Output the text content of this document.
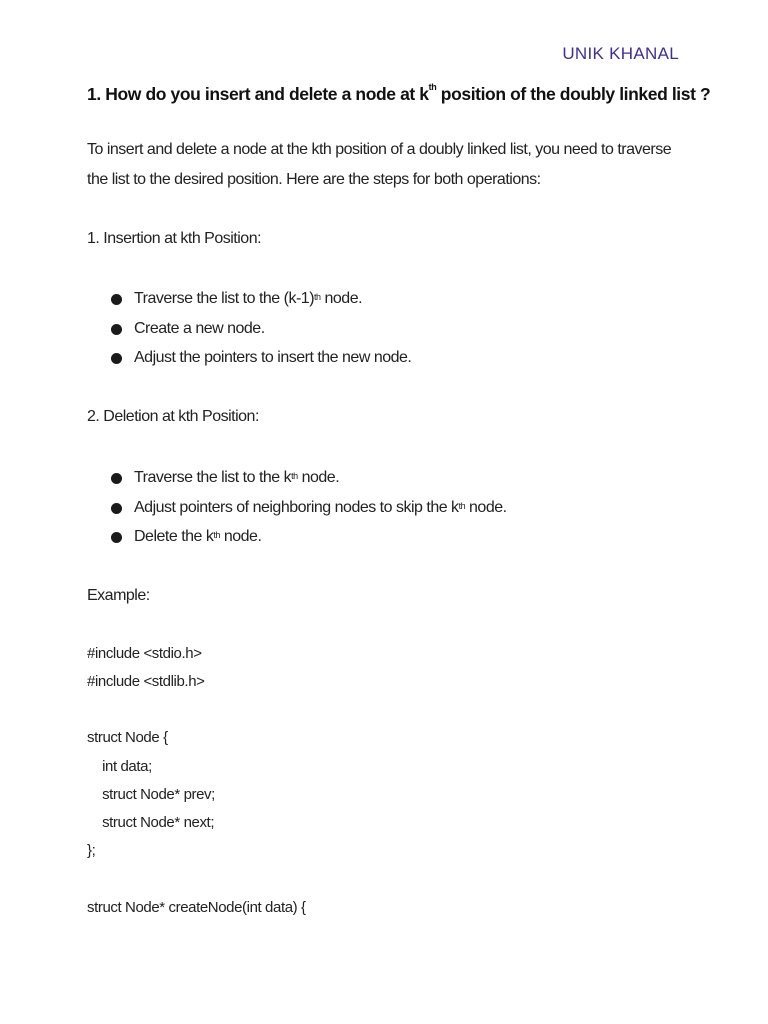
UNIK KHANAL
1. How do you insert and delete a node at $k^{th}$ position of the doubly linked list ?
To insert and delete a node at the kth position of a doubly linked list, you need to traverse
the list to the desired position. Here are the steps for both operations:
1. Insertion at kth Position:
Traverse the list to the $(k-1)^{th}$ node.
Create a new node.
Adjust the pointers to insert the new node.
2. Deletion at kth Position:
Traverse the list to the $k^{th}$ node.
Adjust pointers of neighboring nodes to skip the $k^{th}$ node.
Delete the $k^{th}$ node.
Example:
#include <stdio.h>
#include <stdlib.h>
struct Node {
int data;
struct Node* prev;
struct Node* next;
};
struct Node* createNode(int data) {
